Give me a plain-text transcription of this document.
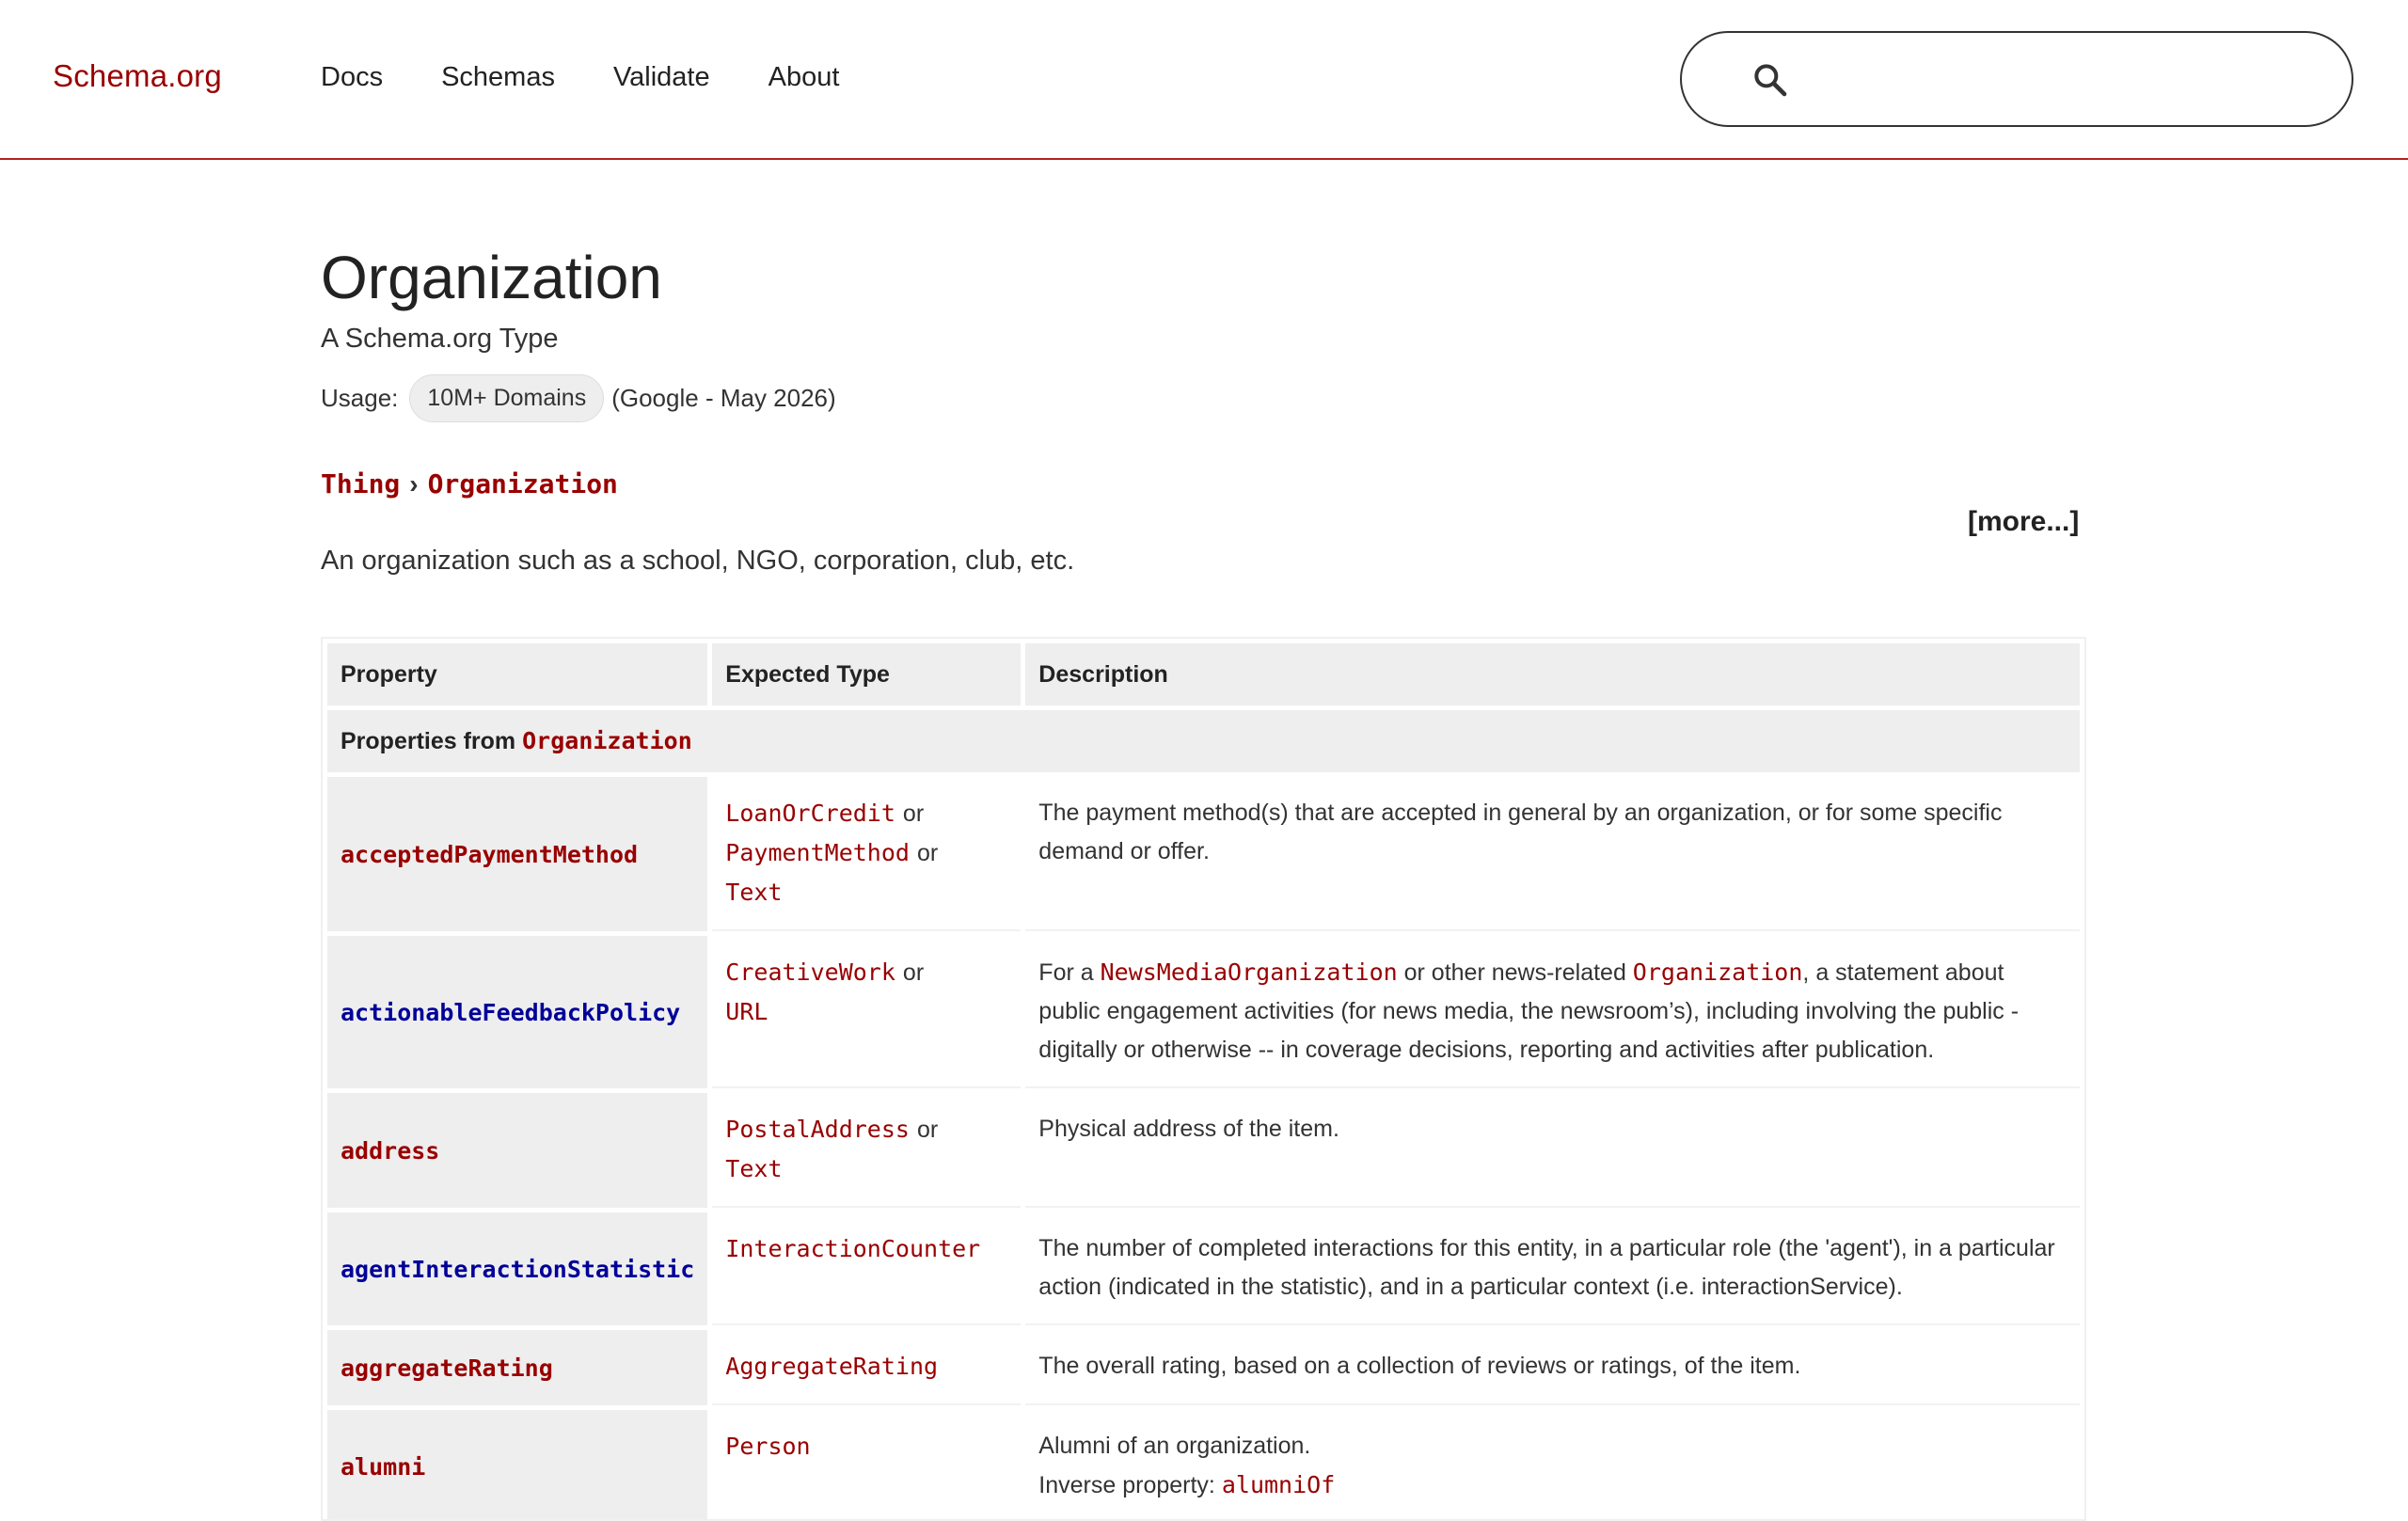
Schema.org	Docs Schemas Validate About
Organization
A Schema.org Type
Usage:	10M+ Domains	(Google - May 2026)
Thing › Organization
[more...]
An organization such as a school, NGO, corporation, club, etc.
Property	Expected Type	Description
Properties from Organization		
acceptedPaymentMethod	LoanOrCredit or
PaymentMethod or
Text	The payment method(s) that are accepted in general by an organization, or for some specific demand or offer.
actionableFeedbackPolicy	CreativeWork or
URL	For a NewsMediaOrganization or other news-related Organization, a statement about public engagement activities (for news media, the newsroom’s), including involving the public - digitally or otherwise -- in coverage decisions, reporting and activities after publication.
address	PostalAddress or
Text	Physical address of the item.
agentInteractionStatistic	InteractionCounter	The number of completed interactions for this entity, in a particular role (the 'agent'), in a particular action (indicated in the statistic), and in a particular context (i.e. interactionService).
aggregateRating	AggregateRating	The overall rating, based on a collection of reviews or ratings, of the item.
alumni	Person	Alumni of an organization.
Inverse property: alumniOf
